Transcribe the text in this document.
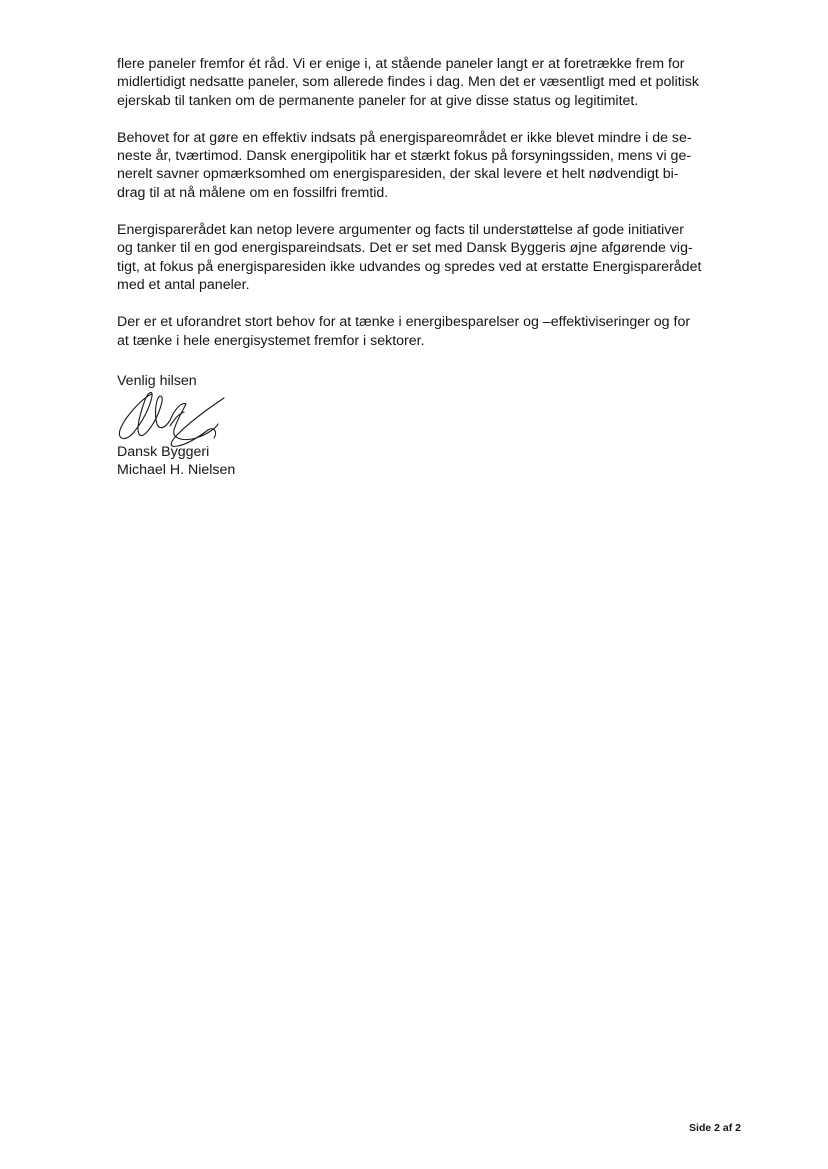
flere paneler fremfor ét råd. Vi er enige i, at stående paneler langt er at foretrække frem for
midlertidigt nedsatte paneler, som allerede findes i dag. Men det er væsentligt med et politisk
ejerskab til tanken om de permanente paneler for at give disse status og legitimitet.

Behovet for at gøre en effektiv indsats på energispareområdet er ikke blevet mindre i de se-
neste år, tværtimod. Dansk energipolitik har et stærkt fokus på forsyningssiden, mens vi ge-
nerelt savner opmærksomhed om energisparesiden, der skal levere et helt nødvendigt bi-
drag til at nå målene om en fossilfri fremtid.

Energisparerådet kan netop levere argumenter og facts til understøttelse af gode initiativer
og tanker til en god energispareindsats. Det er set med Dansk Byggeris øjne afgørende vig-
tigt, at fokus på energisparesiden ikke udvandes og spredes ved at erstatte Energisparerådet
med et antal paneler.

Der er et uforandret stort behov for at tænke i energibesparelser og –effektiviseringer og for
at tænke i hele energisystemet fremfor i sektorer.

Venlig hilsen
Dansk Byggeri
Michael H. Nielsen
Side 2 af 2
